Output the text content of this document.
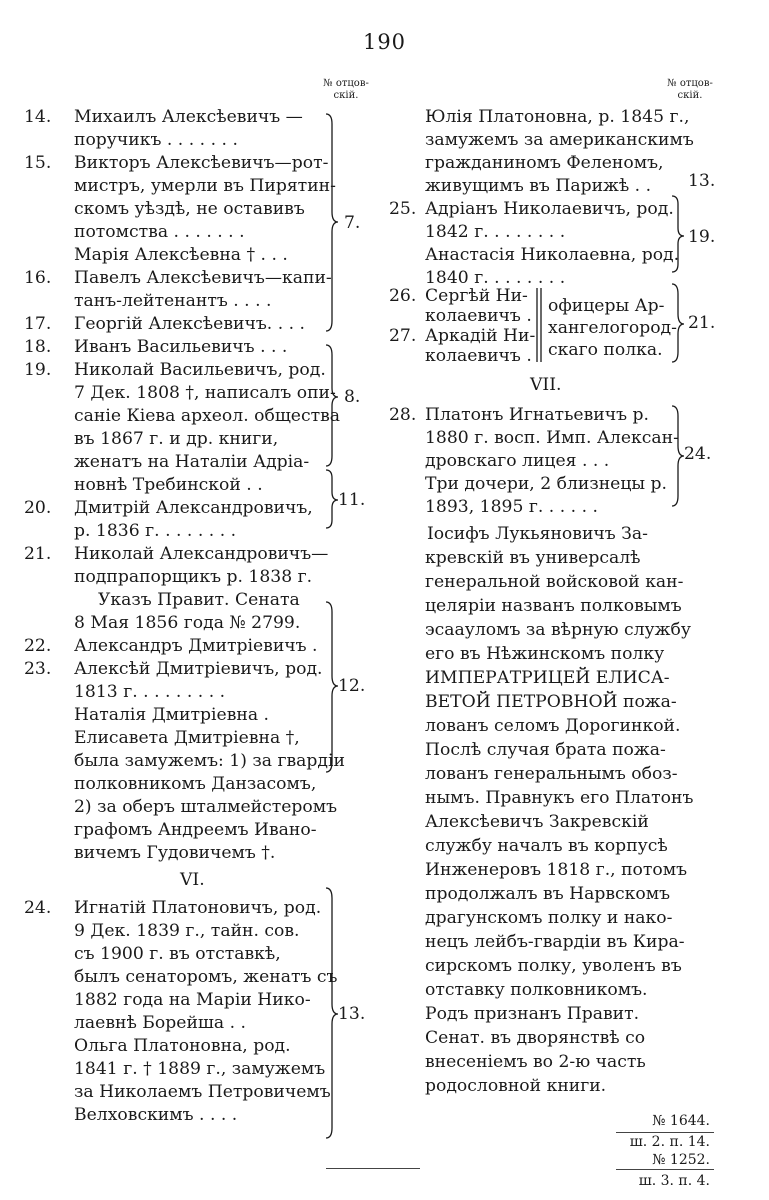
190
№ отцов-
скій.
№ отцов-
скій.
14. Михаилъ Алексѣевичъ —
поручикъ . . . . . . .
15. Викторъ Алексѣевичъ—рот-
мистръ, умерли въ Пирятин-
скомъ уѣздѣ, не оставивъ
потомства . . . . . . .
Марія Алексѣевна † . . .
16. Павелъ Алексѣевичъ—капи-
танъ-лейтенантъ . . . .
17. Георгій Алексѣевичъ. . . .
18. Иванъ Васильевичъ . . .
19. Николай Васильевичъ, род.
7 Дек. 1808 †, написалъ опи-
саніе Кіева археол. общества
въ 1867 г. и др. книги,
женатъ на Наталіи Адріа-
новнѣ Требинской . .
20. Дмитрій Александровичъ,
р. 1836 г. . . . . . . .
21. Николай Александровичъ—
подпрапорщикъ р. 1838 г.
Указъ Правит. Сената
8 Мая 1856 года № 2799.
22. Александръ Дмитріевичъ .
23. Алексѣй Дмитріевичъ, род.
1813 г. . . . . . . . .
Наталія Дмитріевна .
Елисавета Дмитріевна †,
была замужемъ: 1) за гвардіи
полковникомъ Данзасомъ,
2) за оберъ шталмейстеромъ
графомъ Андреемъ Ивано-
вичемъ Гудовичемъ †.
VI.
24. Игнатій Платоновичъ, род.
9 Дек. 1839 г., тайн. сов.
съ 1900 г. въ отставкѣ,
былъ сенаторомъ, женатъ съ
1882 года на Маріи Нико-
лаевнѣ Борейша . .
Ольга Платоновна, род.
1841 г. † 1889 г., замужемъ
за Николаемъ Петровичемъ
Велховскимъ . . . .
7.
8.
11.
12.
13.
Юлія Платоновна, р. 1845 г.,
замужемъ за американскимъ
гражданиномъ Феленомъ,
живущимъ въ Парижѣ . .
25. Адріанъ Николаевичъ, род.
1842 г. . . . . . . .
Анастасія Николаевна, род.
1840 г. . . . . . . .
26. Сергѣй Ни-
колаевичъ .
27. Аркадій Ни-
колаевичъ .
офицеры Ар-
хангелогород-
скаго полка.
VII.
28. Платонъ Игнатьевичъ р.
1880 г. восп. Имп. Алексан-
дровскаго лицея . . .
Три дочери, 2 близнецы р.
1893, 1895 г. . . . . .
13.
19.
21.
24.
Іосифъ Лукьяновичъ За-
кревскій въ универсалѣ
генеральной войсковой кан-
целяріи названъ полковымъ
эсаауломъ за вѣрную службу
его въ Нѣжинскомъ полку
ИМПЕРАТРИЦЕЙ ЕЛИСА-
ВЕТОЙ ПЕТРОВНОЙ пожа-
лованъ селомъ Дорогинкой.
Послѣ случая брата пожа-
лованъ генеральнымъ обоз-
нымъ. Правнукъ его Платонъ
Алексѣевичъ Закревскій
службу началъ въ корпусѣ
Инженеровъ 1818 г., потомъ
продолжалъ въ Нарвскомъ
драгунскомъ полку и нако-
нецъ лейбъ-гвардіи въ Кира-
сирскомъ полку, уволенъ въ
отставку полковникомъ.
Родъ признанъ Правит.
Сенат. въ дворянствѣ со
внесеніемъ во 2-ю часть
родословной книги.
№ 1644.
ш. 2. п. 14.
№ 1252.
ш. 3. п. 4.
